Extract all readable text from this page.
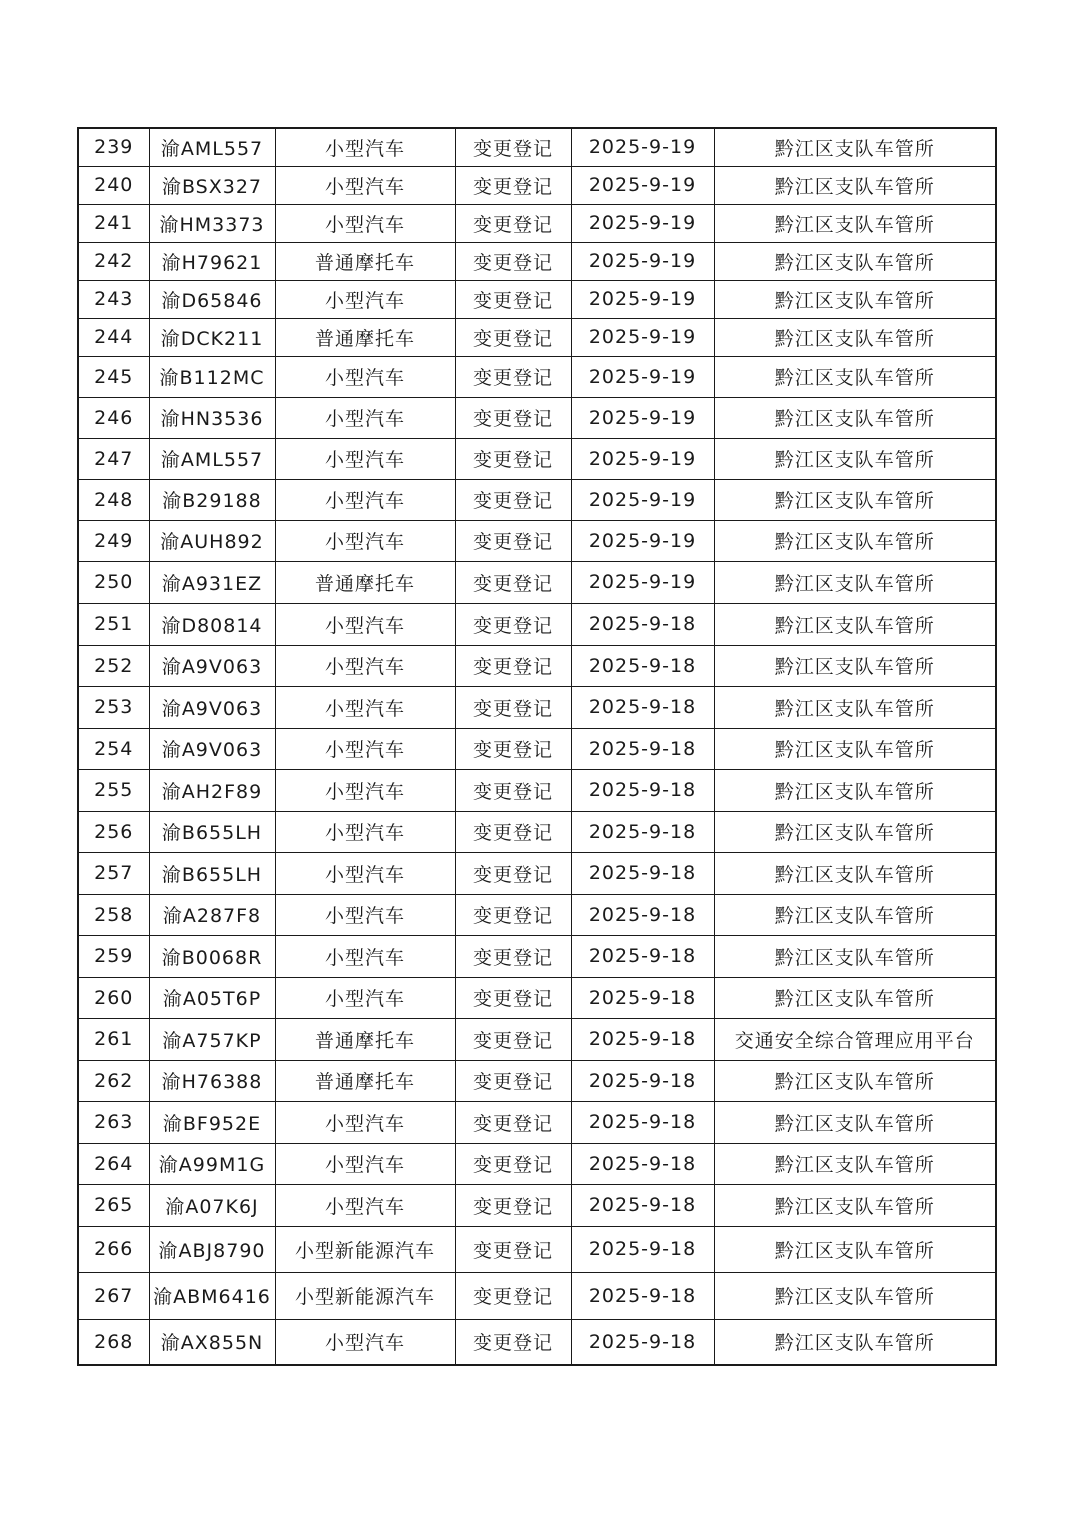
239	渝AML557	小型汽车	变更登记	2025-9-19	黔江区支队车管所
240	渝BSX327	小型汽车	变更登记	2025-9-19	黔江区支队车管所
241	渝HM3373	小型汽车	变更登记	2025-9-19	黔江区支队车管所
242	渝H79621	普通摩托车	变更登记	2025-9-19	黔江区支队车管所
243	渝D65846	小型汽车	变更登记	2025-9-19	黔江区支队车管所
244	渝DCK211	普通摩托车	变更登记	2025-9-19	黔江区支队车管所
245	渝B112MC	小型汽车	变更登记	2025-9-19	黔江区支队车管所
246	渝HN3536	小型汽车	变更登记	2025-9-19	黔江区支队车管所
247	渝AML557	小型汽车	变更登记	2025-9-19	黔江区支队车管所
248	渝B29188	小型汽车	变更登记	2025-9-19	黔江区支队车管所
249	渝AUH892	小型汽车	变更登记	2025-9-19	黔江区支队车管所
250	渝A931EZ	普通摩托车	变更登记	2025-9-19	黔江区支队车管所
251	渝D80814	小型汽车	变更登记	2025-9-18	黔江区支队车管所
252	渝A9V063	小型汽车	变更登记	2025-9-18	黔江区支队车管所
253	渝A9V063	小型汽车	变更登记	2025-9-18	黔江区支队车管所
254	渝A9V063	小型汽车	变更登记	2025-9-18	黔江区支队车管所
255	渝AH2F89	小型汽车	变更登记	2025-9-18	黔江区支队车管所
256	渝B655LH	小型汽车	变更登记	2025-9-18	黔江区支队车管所
257	渝B655LH	小型汽车	变更登记	2025-9-18	黔江区支队车管所
258	渝A287F8	小型汽车	变更登记	2025-9-18	黔江区支队车管所
259	渝B0068R	小型汽车	变更登记	2025-9-18	黔江区支队车管所
260	渝A05T6P	小型汽车	变更登记	2025-9-18	黔江区支队车管所
261	渝A757KP	普通摩托车	变更登记	2025-9-18	交通安全综合管理应用平台
262	渝H76388	普通摩托车	变更登记	2025-9-18	黔江区支队车管所
263	渝BF952E	小型汽车	变更登记	2025-9-18	黔江区支队车管所
264	渝A99M1G	小型汽车	变更登记	2025-9-18	黔江区支队车管所
265	渝A07K6J	小型汽车	变更登记	2025-9-18	黔江区支队车管所
266	渝ABJ8790	小型新能源汽车	变更登记	2025-9-18	黔江区支队车管所
267	渝ABM6416	小型新能源汽车	变更登记	2025-9-18	黔江区支队车管所
268	渝AX855N	小型汽车	变更登记	2025-9-18	黔江区支队车管所
